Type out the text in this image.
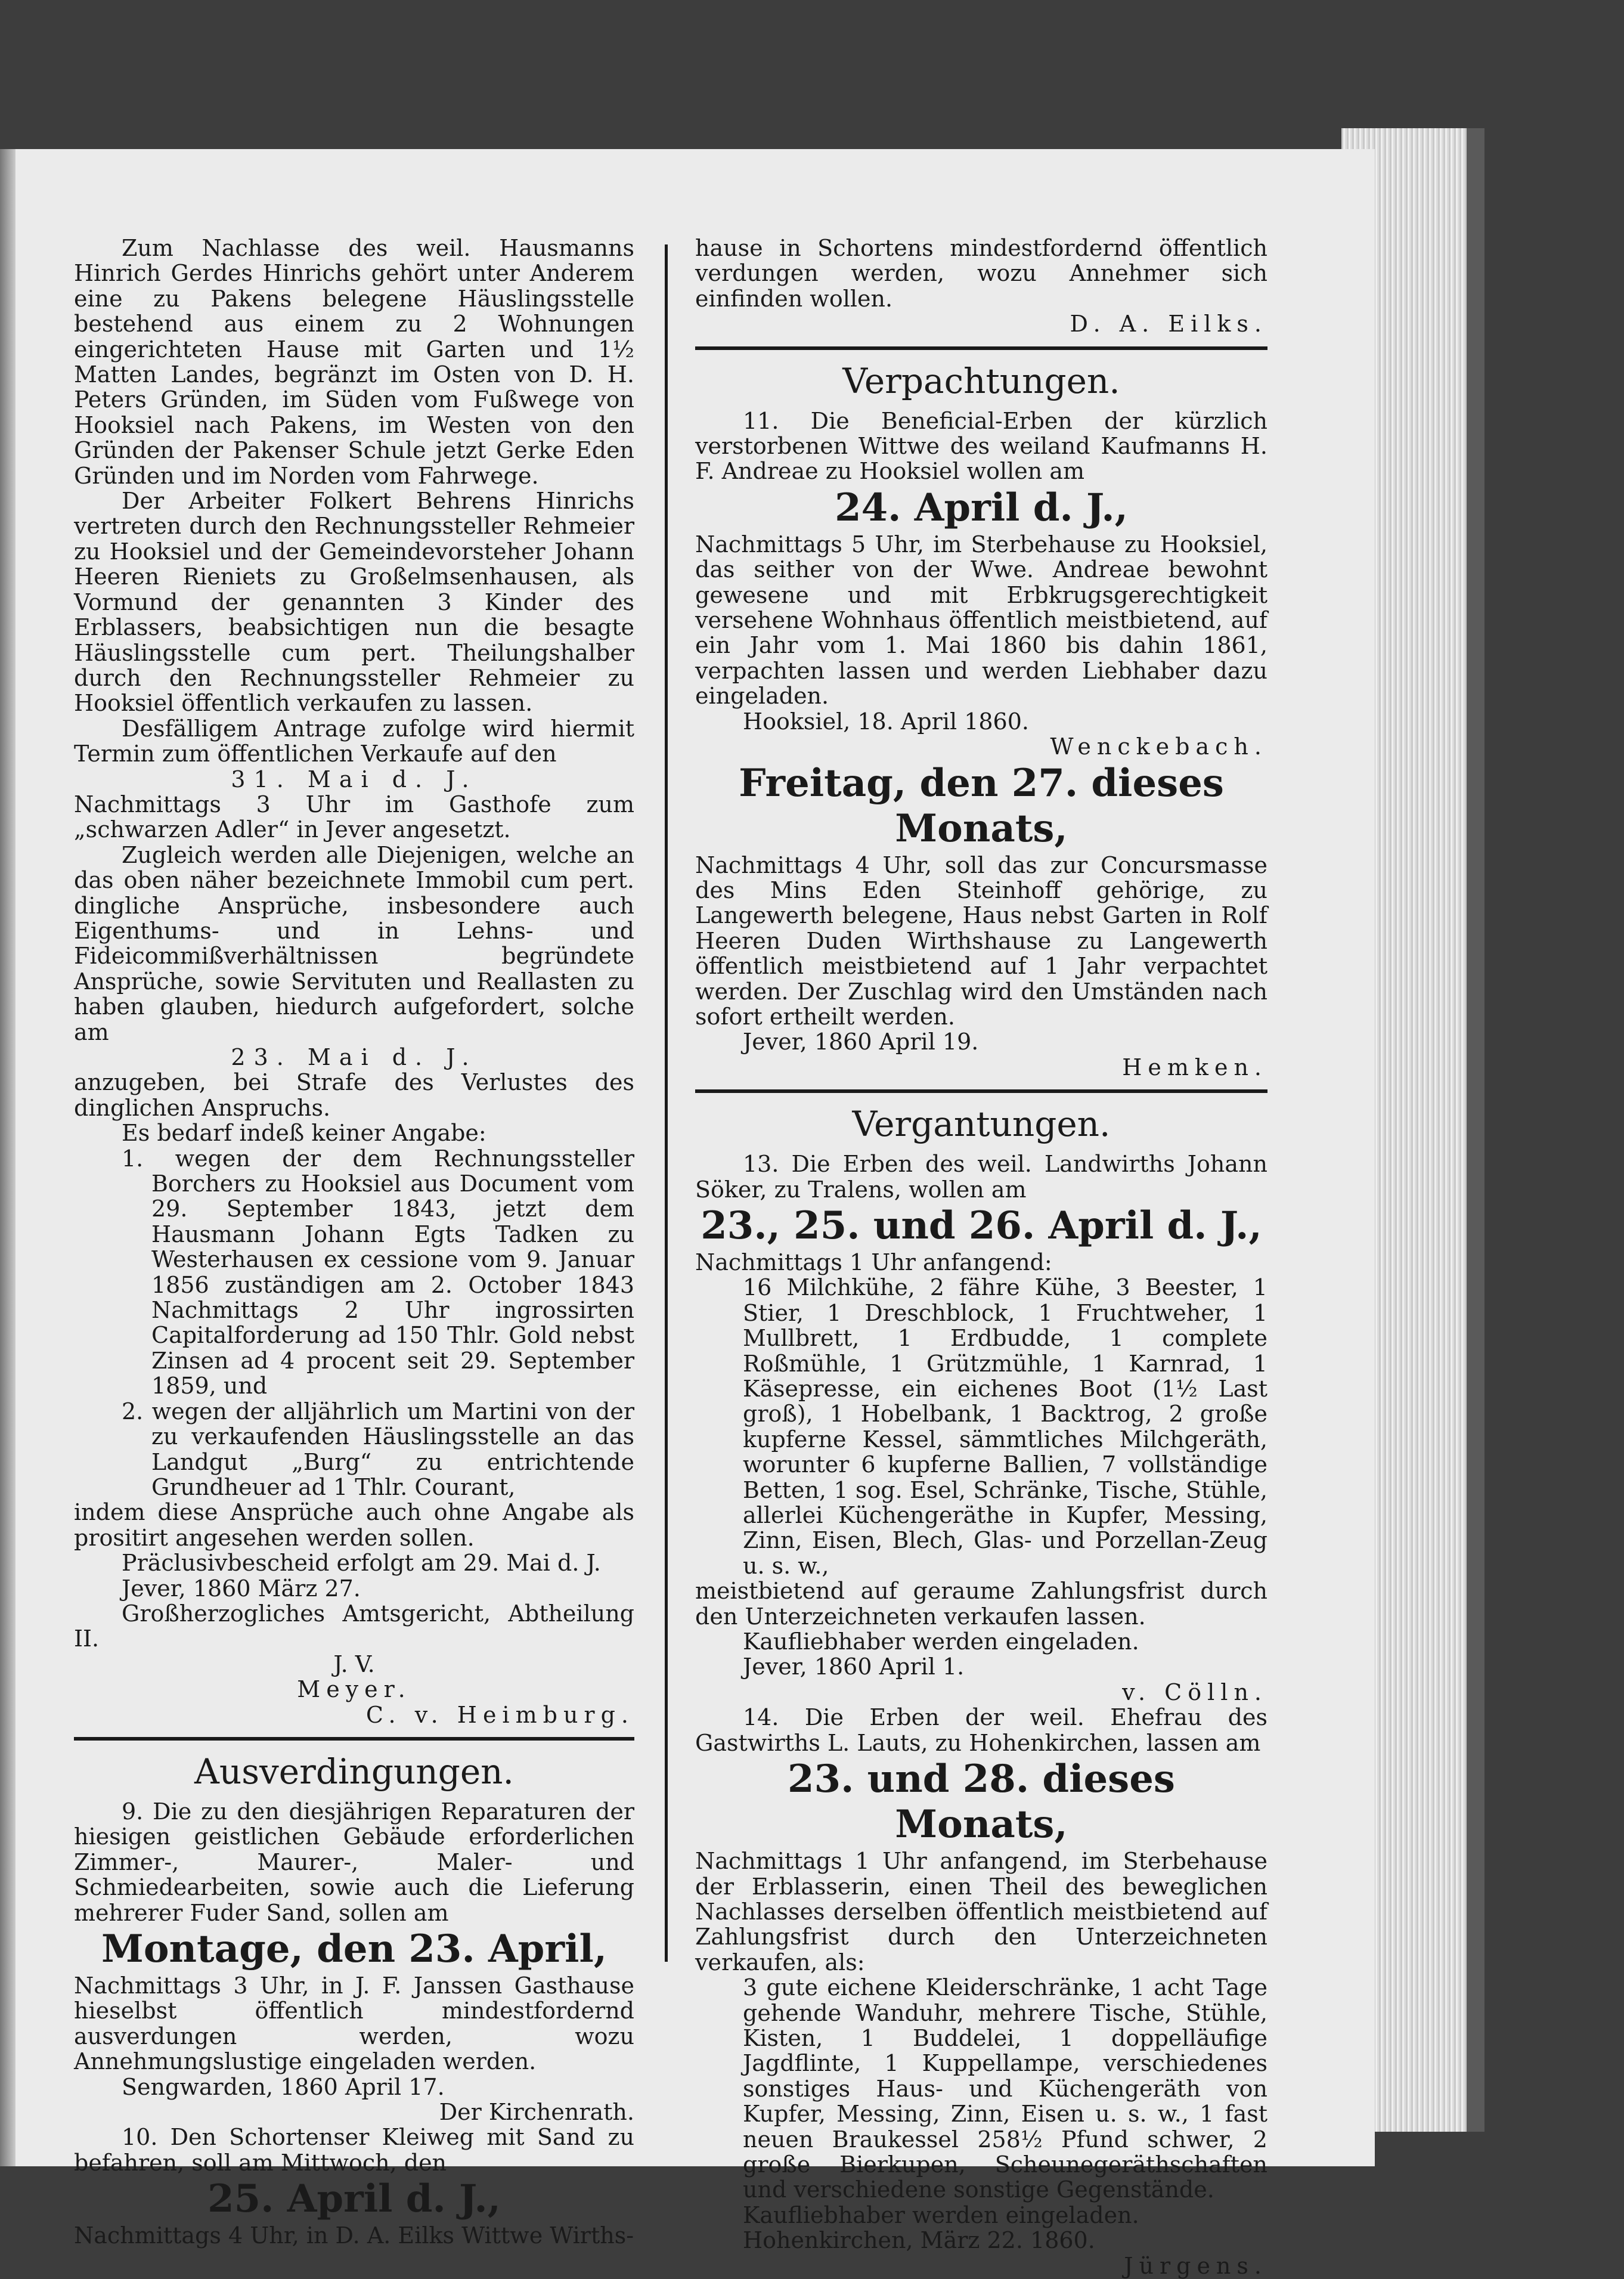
Zum Nachlasse des weil. Hausmanns Hinrich Gerdes Hinrichs gehört unter Anderem eine zu Pakens belegene Häuslingsstelle bestehend aus einem zu 2 Wohnungen eingerichteten Hause mit Garten und 1½ Matten Landes, begränzt im Osten von D. H. Peters Gründen, im Süden vom Fußwege von Hooksiel nach Pakens, im Westen von den Gründen der Pakenser Schule jetzt Gerke Eden Gründen und im Norden vom Fahrwege.

Der Arbeiter Folkert Behrens Hinrichs vertreten durch den Rechnungssteller Rehmeier zu Hooksiel und der Gemeindevorsteher Johann Heeren Rieniets zu Großelmsenhausen, als Vormund der genannten 3 Kinder des Erblassers, beabsichtigen nun die besagte Häuslingsstelle cum pert. Theilungshalber durch den Rechnungssteller Rehmeier zu Hooksiel öffentlich verkaufen zu lassen.

Desfälligem Antrage zufolge wird hiermit Termin zum öffentlichen Verkaufe auf den

31. Mai d. J.

Nachmittags 3 Uhr im Gasthofe zum „schwarzen Adler“ in Jever angesetzt.

Zugleich werden alle Diejenigen, welche an das oben näher bezeichnete Immobil cum pert. dingliche Ansprüche, insbesondere auch Eigenthums- und in Lehns- und Fideicommißverhältnissen begründete Ansprüche, sowie Servituten und Reallasten zu haben glauben, hiedurch aufgefordert, solche am

23. Mai d. J.

anzugeben, bei Strafe des Verlustes des dinglichen Anspruchs.

Es bedarf indeß keiner Angabe:

1. wegen der dem Rechnungssteller Borchers zu Hooksiel aus Document vom 29. September 1843, jetzt dem Hausmann Johann Egts Tadken zu Westerhausen ex cessione vom 9. Januar 1856 zuständigen am 2. October 1843 Nachmittags 2 Uhr ingrossirten Capitalforderung ad 150 Thlr. Gold nebst Zinsen ad 4 procent seit 29. September 1859, und

2. wegen der alljährlich um Martini von der zu verkaufenden Häuslingsstelle an das Landgut „Burg“ zu entrichtende Grundheuer ad 1 Thlr. Courant,

indem diese Ansprüche auch ohne Angabe als prositirt angesehen werden sollen.

Präclusivbescheid erfolgt am 29. Mai d. J.

Jever, 1860 März 27.

Großherzogliches Amtsgericht, Abtheilung II.

J. V.

Meyer.

C. v. Heimburg.

Ausverdingungen.

9. Die zu den diesjährigen Reparaturen der hiesigen geistlichen Gebäude erforderlichen Zimmer-, Maurer-, Maler- und Schmiedearbeiten, sowie auch die Lieferung mehrerer Fuder Sand, sollen am

Montage, den 23. April,

Nachmittags 3 Uhr, in J. F. Janssen Gasthause hieselbst öffentlich mindestfordernd ausverdungen werden, wozu Annehmungslustige eingeladen werden.

Sengwarden, 1860 April 17.

Der Kirchenrath.

10. Den Schortenser Kleiweg mit Sand zu befahren, soll am Mittwoch, den

25. April d. J.,

Nachmittags 4 Uhr, in D. A. Eilks Wittwe Wirths-

hause in Schortens mindestfordernd öffentlich verdungen werden, wozu Annehmer sich einfinden wollen.

D. A. Eilks.

Verpachtungen.

11. Die Beneficial-Erben der kürzlich verstorbenen Wittwe des weiland Kaufmanns H. F. Andreae zu Hooksiel wollen am

24. April d. J.,

Nachmittags 5 Uhr, im Sterbehause zu Hooksiel, das seither von der Wwe. Andreae bewohnt gewesene und mit Erbkrugsgerechtigkeit versehene Wohnhaus öffentlich meistbietend, auf ein Jahr vom 1. Mai 1860 bis dahin 1861, verpachten lassen und werden Liebhaber dazu eingeladen.

Hooksiel, 18. April 1860.

Wenckebach.

Freitag, den 27. dieses Monats,

Nachmittags 4 Uhr, soll das zur Concursmasse des Mins Eden Steinhoff gehörige, zu Langewerth belegene, Haus nebst Garten in Rolf Heeren Duden Wirthshause zu Langewerth öffentlich meistbietend auf 1 Jahr verpachtet werden. Der Zuschlag wird den Umständen nach sofort ertheilt werden.

Jever, 1860 April 19.

Hemken.

Vergantungen.

13. Die Erben des weil. Landwirths Johann Söker, zu Tralens, wollen am

23., 25. und 26. April d. J.,

Nachmittags 1 Uhr anfangend:

16 Milchkühe, 2 fähre Kühe, 3 Beester, 1 Stier, 1 Dreschblock, 1 Fruchtweher, 1 Mullbrett, 1 Erdbudde, 1 complete Roßmühle, 1 Grützmühle, 1 Karnrad, 1 Käsepresse, ein eichenes Boot (1½ Last groß), 1 Hobelbank, 1 Backtrog, 2 große kupferne Kessel, sämmtliches Milchgeräth, worunter 6 kupferne Ballien, 7 vollständige Betten, 1 sog. Esel, Schränke, Tische, Stühle, allerlei Küchengeräthe in Kupfer, Messing, Zinn, Eisen, Blech, Glas- und Porzellan-Zeug u. s. w.,

meistbietend auf geraume Zahlungsfrist durch den Unterzeichneten verkaufen lassen.

Kaufliebhaber werden eingeladen.

Jever, 1860 April 1.

v. Cölln.

14. Die Erben der weil. Ehefrau des Gastwirths L. Lauts, zu Hohenkirchen, lassen am

23. und 28. dieses Monats,

Nachmittags 1 Uhr anfangend, im Sterbehause der Erblasserin, einen Theil des beweglichen Nachlasses derselben öffentlich meistbietend auf Zahlungsfrist durch den Unterzeichneten verkaufen, als:

3 gute eichene Kleiderschränke, 1 acht Tage gehende Wanduhr, mehrere Tische, Stühle, Kisten, 1 Buddelei, 1 doppelläufige Jagdflinte, 1 Kuppellampe, verschiedenes sonstiges Haus- und Küchengeräth von Kupfer, Messing, Zinn, Eisen u. s. w., 1 fast neuen Braukessel 258½ Pfund schwer, 2 große Bierkupen, Scheunegeräthschaften und verschiedene sonstige Gegenstände.

Kaufliebhaber werden eingeladen.

Hohenkirchen, März 22. 1860.

Jürgens.
